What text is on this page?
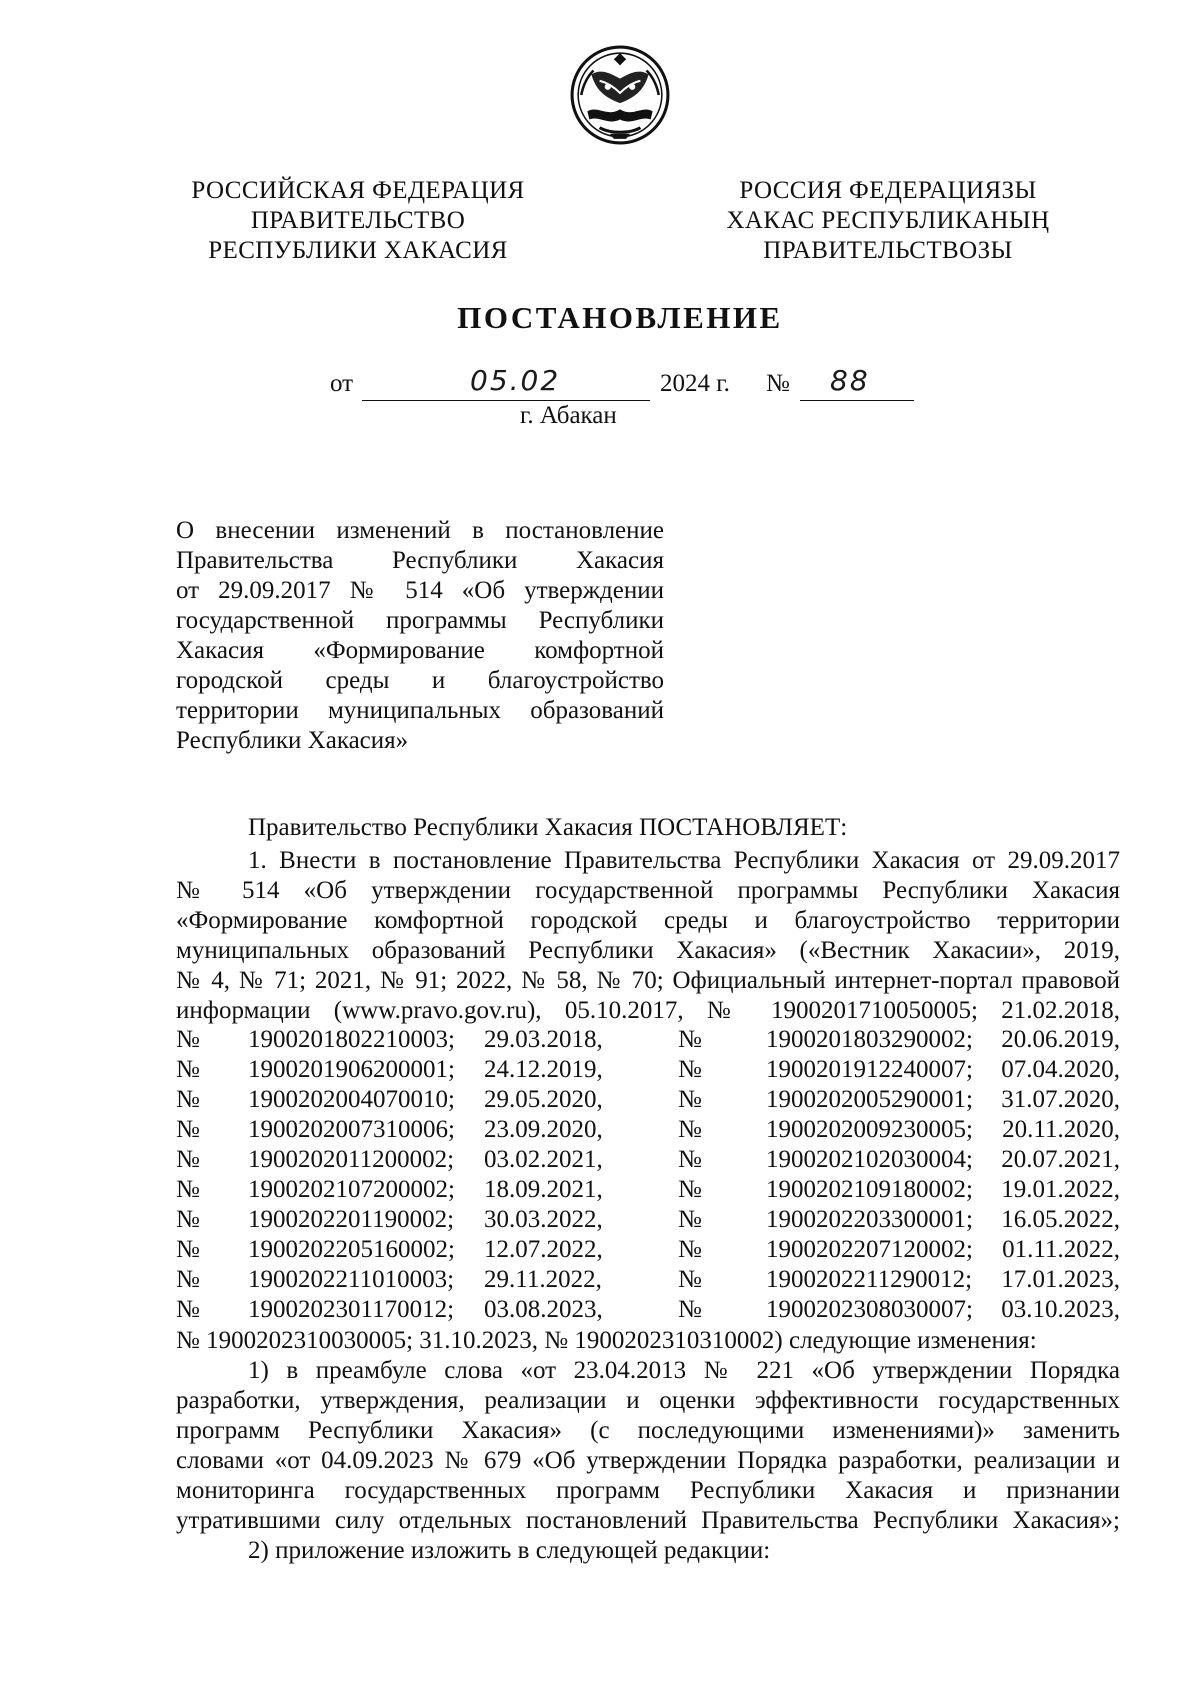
РОССИЙСКАЯ ФЕДЕРАЦИЯ
ПРАВИТЕЛЬСТВО
РЕСПУБЛИКИ ХАКАСИЯ
РОССИЯ ФЕДЕРАЦИЯЗЫ
ХАКАС РЕСПУБЛИКАНЫҢ
ПРАВИТЕЛЬСТВОЗЫ
ПОСТАНОВЛЕНИЕ
от	05.02	2024 г. № 88
г. Абакан
О внесении изменений в постановление
Правительства Республики Хакасия
от 29.09.2017 № 514 «Об утверждении
государственной программы Республики
Хакасия «Формирование комфортной
городской среды и благоустройство
территории муниципальных образований
Республики Хакасия»
Правительство Республики Хакасия ПОСТАНОВЛЯЕТ:
1. Внести в постановление Правительства Республики Хакасия от 29.09.2017
№ 514 «Об утверждении государственной программы Республики Хакасия
«Формирование комфортной городской среды и благоустройство территории
муниципальных образований Республики Хакасия» («Вестник Хакасии», 2019,
№ 4, № 71; 2021, № 91; 2022, № 58, № 70; Официальный интернет-портал правовой
информации (www.pravo.gov.ru), 05.10.2017, № 1900201710050005; 21.02.2018,
№ 1900201802210003; 29.03.2018,	№	1900201803290002; 20.06.2019,
№ 1900201906200001; 24.12.2019,	№	1900201912240007; 07.04.2020,
№ 1900202004070010; 29.05.2020,	№	1900202005290001; 31.07.2020,
№ 1900202007310006; 23.09.2020,	№	1900202009230005; 20.11.2020,
№ 1900202011200002; 03.02.2021,	№	1900202102030004; 20.07.2021,
№ 1900202107200002; 18.09.2021,	№	1900202109180002; 19.01.2022,
№ 1900202201190002; 30.03.2022,	№	1900202203300001; 16.05.2022,
№ 1900202205160002; 12.07.2022,	№	1900202207120002; 01.11.2022,
№ 1900202211010003; 29.11.2022,	№	1900202211290012; 17.01.2023,
№ 1900202301170012; 03.08.2023,	№	1900202308030007; 03.10.2023,
№ 1900202310030005; 31.10.2023, № 1900202310310002) следующие изменения:
1) в преамбуле слова «от 23.04.2013 № 221 «Об утверждении Порядка
разработки, утверждения, реализации и оценки эффективности государственных
программ Республики Хакасия» (с последующими изменениями)» заменить
словами «от 04.09.2023 № 679 «Об утверждении Порядка разработки, реализации и
мониторинга государственных программ Республики Хакасия и признании
утратившими силу отдельных постановлений Правительства Республики Хакасия»;
2) приложение изложить в следующей редакции:
